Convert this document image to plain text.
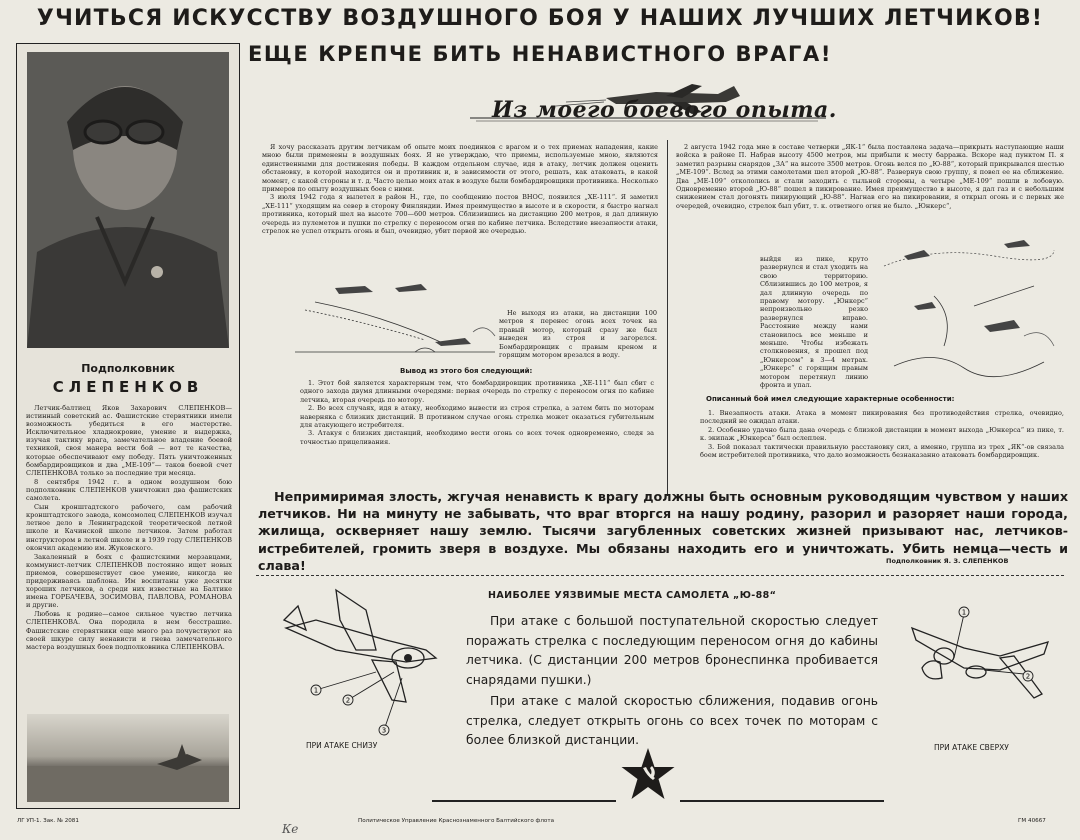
УЧИТЬСЯ ИСКУССТВУ ВОЗДУШНОГО БОЯ У НАШИХ ЛУЧШИХ ЛЕТЧИКОВ!
ЕЩЕ КРЕПЧЕ БИТЬ НЕНАВИСТНОГО ВРАГА!
Подполковник
СЛЕПЕНКОВ

Летчик-балтиец Яков Захарович СЛЕПЕНКОВ— истинный советский ас. Фашистские стервятники имели возможность убедиться в его мастерстве. Исключительное хладнокровие, умение и выдержка, изучая тактику врага, замечательное владение боевой техникой, своя манера вести бой — вот те качества, которые обеспечивают ему победу. Пять уничтоженных бомбардировщиков и два „МЕ-109“— таков боевой счет СЛЕПЕНКОВА только за последние три месяца.

8 сентября 1942 г. в одном воздушном бою подполковник СЛЕПЕНКОВ уничтожил два фашистских самолета.

Сын кронштадтского рабочего, сам рабочий кронштадтского завода, комсомолец СЛЕПЕНКОВ изучал летное дело в Ленинградской теоретической летной школе и Качинской школе летчиков. Затем работал инструктором в летной школе и в 1939 году СЛЕПЕНКОВ окончил академию им. Жуковского.

Закаленный в боях с фашистскими мерзавцами, коммунист-летчик СЛЕПЕНКОВ постоянно ищет новых приемов, совершенствует свое умение, никогда не придерживаясь шаблона. Им воспитаны уже десятки хороших летчиков, а среди них известные на Балтике имена ГОРБАЧЕВА, ЗОСИМОВА, ПАВЛОВА, РОМАНОВА и другие.

Любовь к родине—самое сильное чувство летчика СЛЕПЕНКОВА. Она породила в нем бесстрашие. Фашистские стервятники еще много раз почувствуют на своей шкуре силу ненависти и гнева замечательного мастера воздушных боев подполковника СЛЕПЕНКОВА.

Из моего боевого опыта.

Я хочу рассказать другим летчикам об опыте моих поединков с врагом и о тех приемах нападения, какие мною были применены в воздушных боях. Я не утверждаю, что приемы, используемые мною, являются единственными для достижения победы. В каждом отдельном случае, идя в атаку, летчик должен оценить обстановку, в которой находится он и противник и, в зависимости от этого, решать, как атаковать, в какой момент, с какой стороны и т. д. Часто целью моих атак в воздухе были бомбардировщики противника. Несколько примеров по опыту воздушных боев с ними.

3 июля 1942 года я вылетел в район Н., где, по сообщению постов ВНОС, появился „ХЕ-111“. Я заметил „ХЕ-111“ уходящим на север в сторону Финляндии. Имея преимущество в высоте и в скорости, я быстро нагнал противника, который шел на высоте 700—600 метров. Сблизившись на дистанцию 200 метров, я дал длинную очередь из пулеметов и пушки по стрелку с переносом огня по кабине летчика. Вследствие внезапности атаки, стрелок не успел открыть огонь и был, очевидно, убит первой же очередью.

Не выходя из атаки, на дистанции 100 метров я перенес огонь всех точек на правый мотор, который сразу же был выведен из строя и загорелся. Бомбардировщик с правым креном и горящим мотором врезался в воду.

Вывод из этого боя следующий:

1. Этот бой является характерным тем, что бомбардировщик противника „ХЕ-111“ был сбит с одного захода двумя длинными очередями: первая очередь по стрелку с переносом огня по кабине летчика, вторая очередь по мотору.

2. Во всех случаях, идя в атаку, необходимо вывести из строя стрелка, а затем бить по моторам наверняка с близких дистанций. В противном случае огонь стрелка может оказаться губительным для атакующего истребителя.

3. Атакуя с близких дистанций, необходимо вести огонь со всех точек одновременно, следя за точностью прицеливания.

2 августа 1942 года мне в составе четверки „ЯК-1“ была поставлена задача—прикрыть наступающие наши войска в районе П. Набрав высоту 4500 метров, мы прибыли к месту барража. Вскоре над пунктом П. я заметил разрывы снарядов „ЗА“ на высоте 3500 метров. Огонь велся по „Ю-88“, который прикрывался шестью „МЕ-109“. Вслед за этими самолетами шел второй „Ю-88“. Развернув свою группу, я повел ее на сближение. Два „МЕ-109“ откололись и стали заходить с тыльной стороны, а четыре „МЕ-109“ пошли в лобовую. Одновременно второй „Ю-88“ пошел в пикирование. Имея преимущество в высоте, я дал газ и с небольшим снижением стал догонять пикирующий „Ю-88“. Нагнав его на пикировании, я открыл огонь и с первых же очередей, очевидно, стрелок был убит, т. к. ответного огня не было. „Юнкерс“,

выйдя из пике, круто развернулся и стал уходить на свою территорию. Сблизившись до 100 метров, я дал длинную очередь по правому мотору. „Юнкерс“ непроизвольно резко развернулся вправо. Расстояние между нами становилось все меньше и меньше. Чтобы избежать столкновения, я прошел под „Юнкерсом“ в 3—4 метрах. „Юнкерс“ с горящим правым мотором перетянул линию фронта и упал.
Описанный бой имел следующие характерные особенности:

1. Внезапность атаки. Атака в момент пикирования без противодействия стрелка, очевидно, последний не ожидал атаки.

2. Особенно удачно была дана очередь с близкой дистанции в момент выхода „Юнкерса“ из пике, т. к. экипаж „Юнкерса“ был ослеплен.

3. Бой показал тактически правильную расстановку сил, а именно, группа из трех „ЯК“-ов связала боем истребителей противника, что дало возможность безнаказанно атаковать бомбардировщик.

Непримиримая злость, жгучая ненависть к врагу должны быть основным руководящим чувством у наших летчиков. Ни на минуту не забывать, что враг вторгся на нашу родину, разорил и разоряет наши города, жилища, оскверняет нашу землю. Тысячи загубленных советских жизней призывают нас, летчиков-истребителей, громить зверя в воздухе. Мы обязаны находить его и уничтожать. Убить немца—честь и слава!	Подполковник Я. З. СЛЕПЕНКОВ
НАИБОЛЕЕ УЯЗВИМЫЕ МЕСТА САМОЛЕТА „Ю-88“
При атаке с большой поступательной скоростью следует поражать стрелка с последующим переносом огня до кабины летчика. (С дистанции 200 метров бронеспинка пробивается снарядами пушки.)
При атаке с малой скоростью сближения, подавив огонь стрелка, следует открыть огонь со всех точек по моторам с более близкой дистанции.
1
2
3
ПРИ АТАКЕ СНИЗУ
1
2
ПРИ АТАКЕ СВЕРХУ
ЛГ УП-1. Зак. № 2081	Политическое Управление Краснознаменного Балтийского флота	ГМ 40667
Ке
